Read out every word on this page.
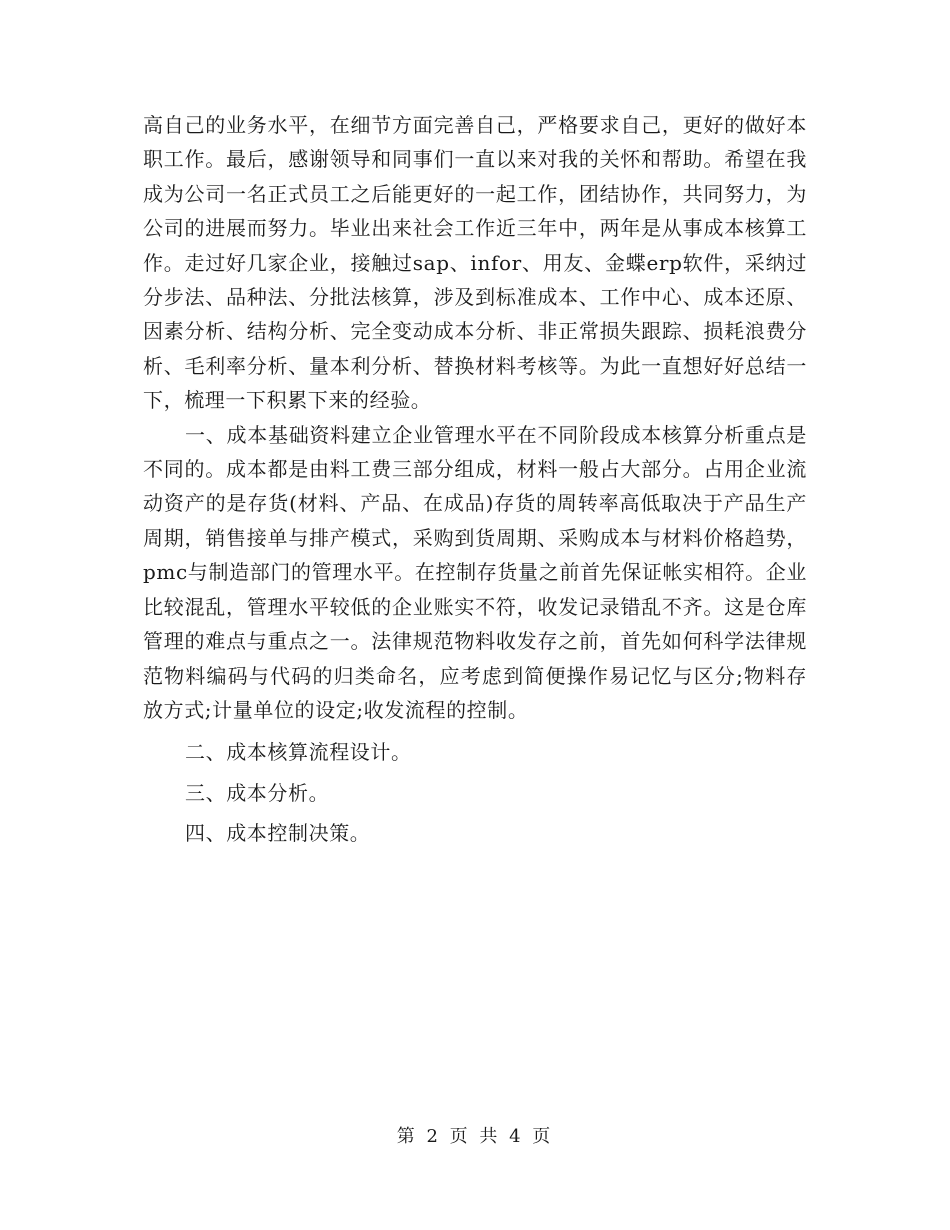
高自己的业务水平，在细节方面完善自己，严格要求自己，更好的做好本职工作。最后，感谢领导和同事们一直以来对我的关怀和帮助。希望在我成为公司一名正式员工之后能更好的一起工作，团结协作，共同努力，为公司的进展而努力。毕业出来社会工作近三年中，两年是从事成本核算工作。走过好几家企业，接触过sap、infor、用友、金蝶erp软件，采纳过分步法、品种法、分批法核算，涉及到标准成本、工作中心、成本还原、因素分析、结构分析、完全变动成本分析、非正常损失跟踪、损耗浪费分析、毛利率分析、量本利分析、替换材料考核等。为此一直想好好总结一下，梳理一下积累下来的经验。

一、成本基础资料建立企业管理水平在不同阶段成本核算分析重点是不同的。成本都是由料工费三部分组成，材料一般占大部分。占用企业流动资产的是存货(材料、产品、在成品)存货的周转率高低取决于产品生产周期，销售接单与排产模式，采购到货周期、采购成本与材料价格趋势，pmc与制造部门的管理水平。在控制存货量之前首先保证帐实相符。企业比较混乱，管理水平较低的企业账实不符，收发记录错乱不齐。这是仓库管理的难点与重点之一。法律规范物料收发存之前，首先如何科学法律规范物料编码与代码的归类命名，应考虑到简便操作易记忆与区分;物料存放方式;计量单位的设定;收发流程的控制。

二、成本核算流程设计。

三、成本分析。

四、成本控制决策。

第 2 页 共 4 页
